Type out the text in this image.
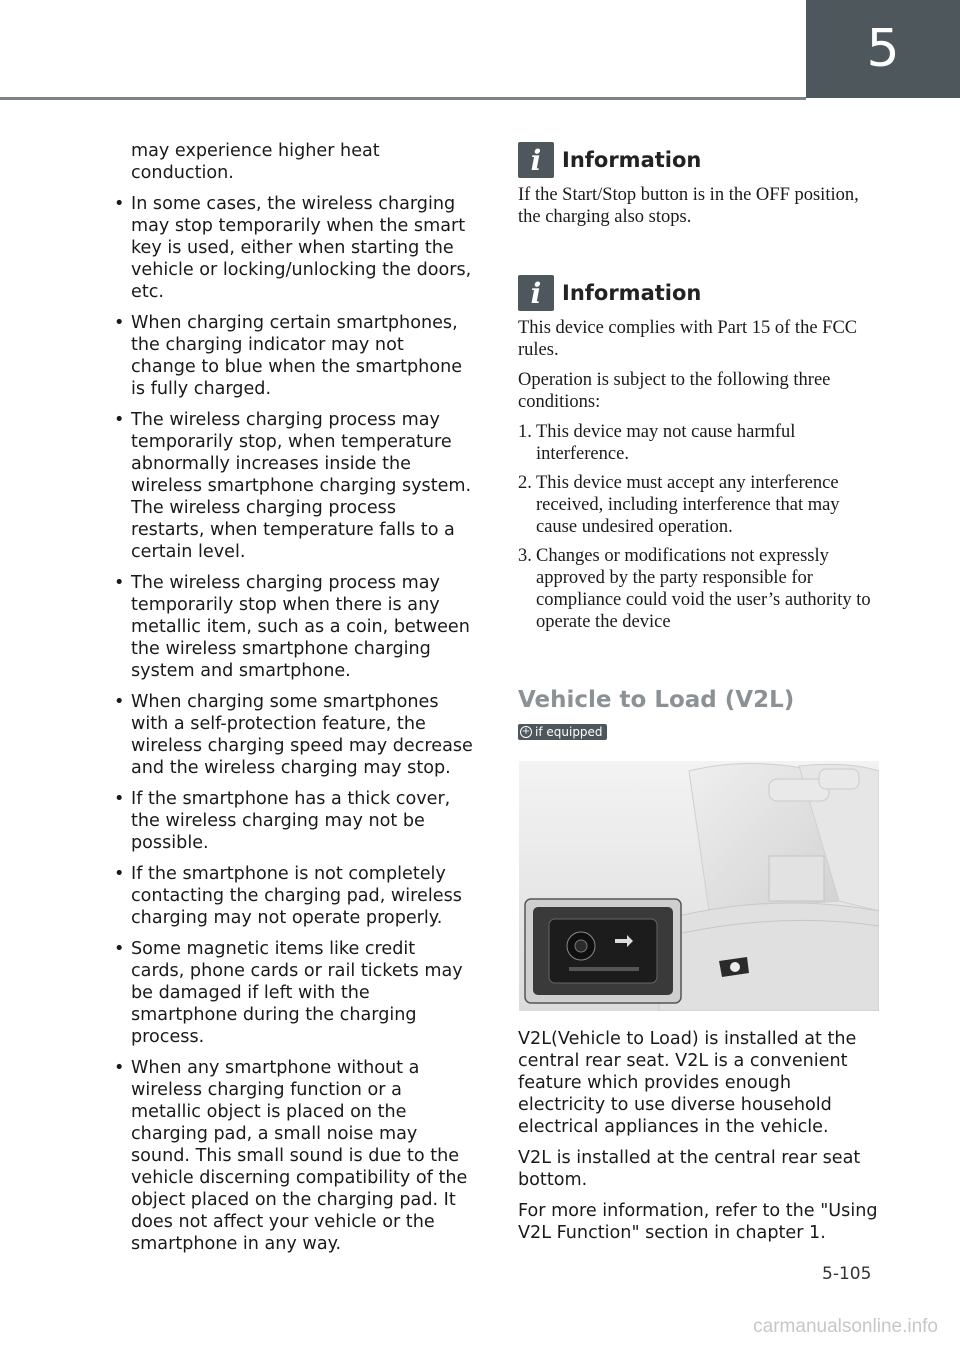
5

may experience higher heat conduction.

• In some cases, the wireless charging may stop temporarily when the smart key is used, either when starting the vehicle or locking/unlocking the doors, etc.
• When charging certain smartphones, the charging indicator may not change to blue when the smartphone is fully charged.
• The wireless charging process may temporarily stop, when temperature abnormally increases inside the wireless smartphone charging system. The wireless charging process restarts, when temperature falls to a certain level.
• The wireless charging process may temporarily stop when there is any metallic item, such as a coin, between the wireless smartphone charging system and smartphone.
• When charging some smartphones with a self-protection feature, the wireless charging speed may decrease and the wireless charging may stop.
• If the smartphone has a thick cover, the wireless charging may not be possible.
• If the smartphone is not completely contacting the charging pad, wireless charging may not operate properly.
• Some magnetic items like credit cards, phone cards or rail tickets may be damaged if left with the smartphone during the charging process.
• When any smartphone without a wireless charging function or a metallic object is placed on the charging pad, a small noise may sound. This small sound is due to the vehicle discerning compatibility of the object placed on the charging pad. It does not affect your vehicle or the smartphone in any way.
i Information

If the Start/Stop button is in the OFF position, the charging also stops.

i Information

This device complies with Part 15 of the FCC rules.

Operation is subject to the following three conditions:

1. This device may not cause harmful interference.
2. This device must accept any interference received, including interference that may cause undesired operation.
3. Changes or modifications not expressly approved by the party responsible for compliance could void the user’s authority to operate the device
Vehicle to Load (V2L)
+ if equipped

V2L(Vehicle to Load) is installed at the central rear seat. V2L is a convenient feature which provides enough electricity to use diverse household electrical appliances in the vehicle.

V2L is installed at the central rear seat bottom.

For more information, refer to the "Using V2L Function" section in chapter 1.

5-105
carmanualsonline.info
